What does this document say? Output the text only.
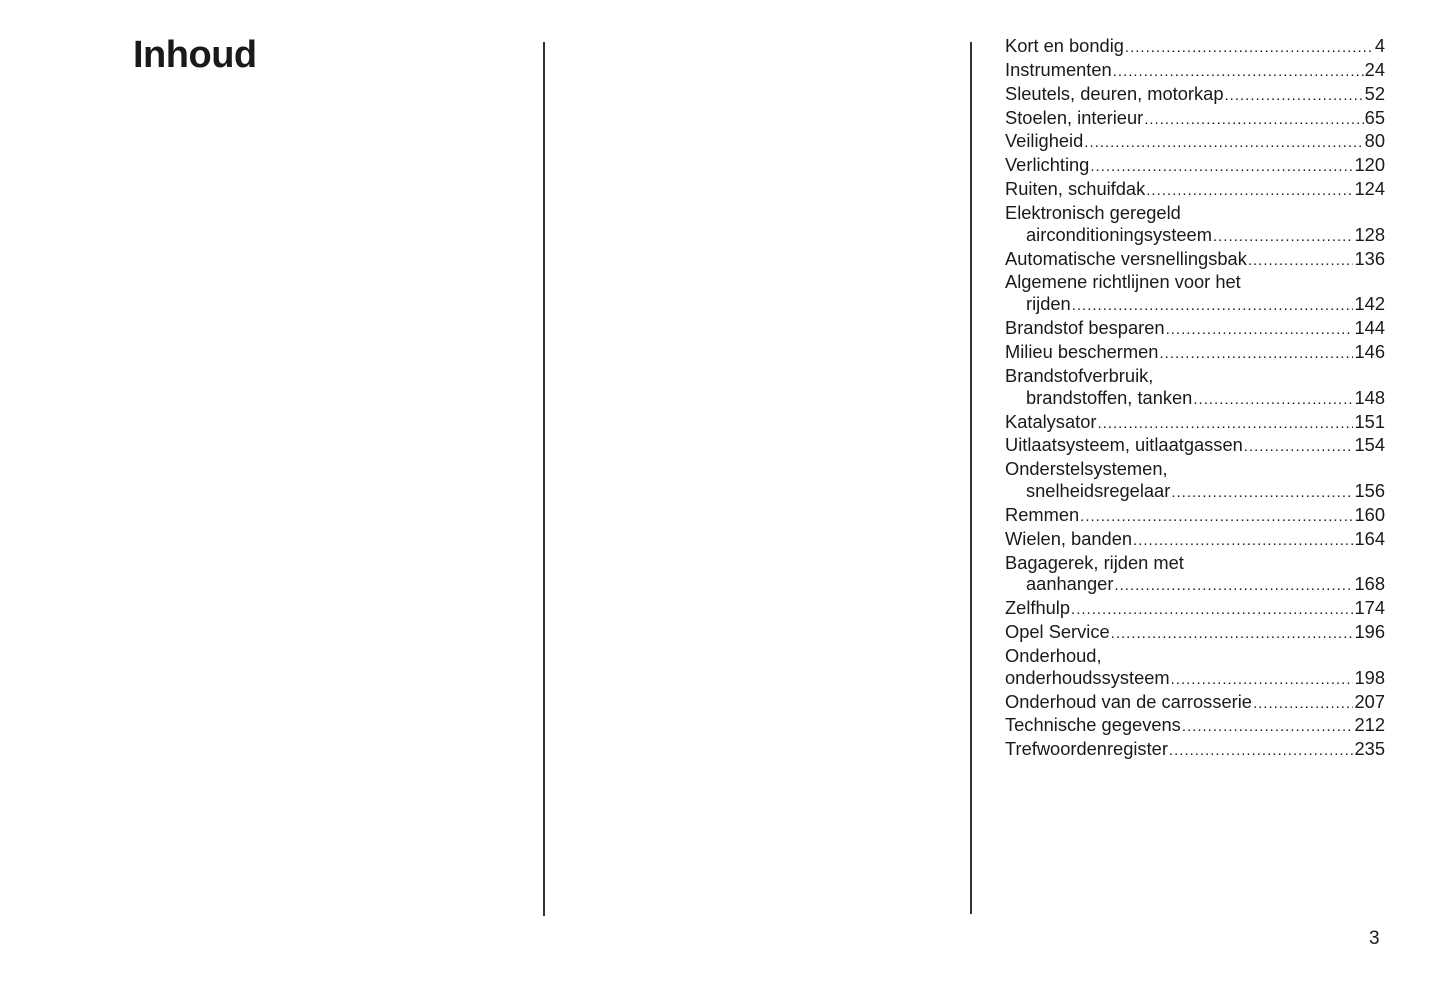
Inhoud	Kort en bondig .....	4
Instrumenten .....	24
Sleutels, deuren, motorkap .....	52
Stoelen, interieur .....	65
Veiligheid .....	80
Verlichting .....	120
Ruiten, schuifdak .....	124
Elektronisch geregeld
airconditioningsysteem .....	128
Automatische versnellingsbak .....	136
Algemene richtlijnen voor het
rijden .....	142
Brandstof besparen .....	144
Milieu beschermen .....	146
Brandstofverbruik,
brandstoffen, tanken .....	148
Katalysator .....	151
Uitlaatsysteem, uitlaatgassen .....	154
Onderstelsystemen,
snelheidsregelaar .....	156
Remmen .....	160
Wielen, banden .....	164
Bagagerek, rijden met
aanhanger .....	168
Zelfhulp .....	174
Opel Service .....	196
Onderhoud,
onderhoudssysteem .....	198
Onderhoud van de carrosserie .....	207
Technische gegevens .....	212
Trefwoordenregister .....	235

3
